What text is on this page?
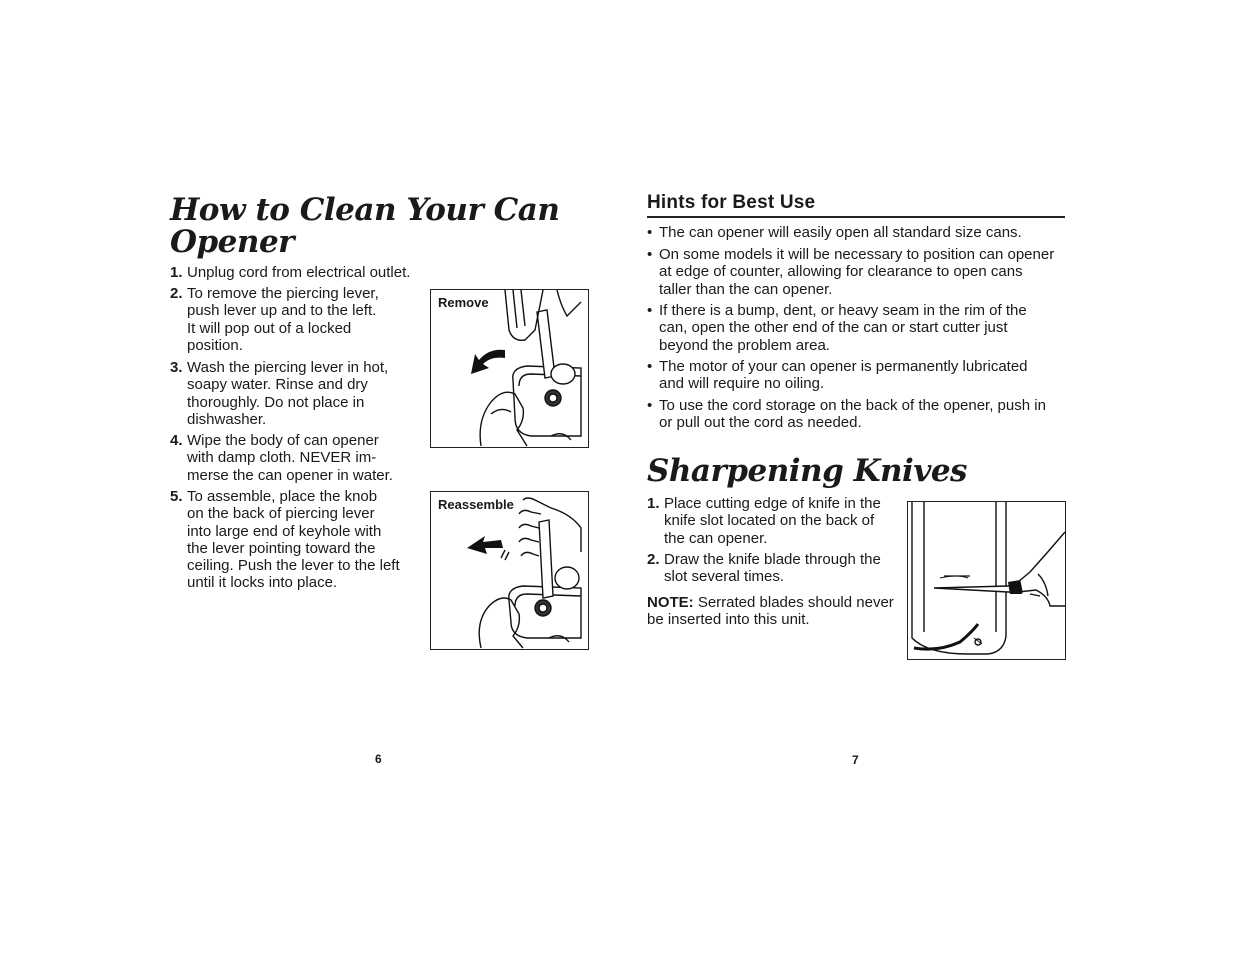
How to Clean Your Can
Opener
1. Unplug cord from electrical outlet.
2. To remove the piercing lever,
push lever up and to the left.
It will pop out of a locked
position.
3. Wash the piercing lever in hot,
soapy water. Rinse and dry
thoroughly. Do not place in
dishwasher.
4. Wipe the body of can opener
with damp cloth. NEVER im-
merse the can opener in water.
5. To assemble, place the knob
on the back of piercing lever
into large end of keyhole with
the lever pointing toward the
ceiling. Push the lever to the left
until it locks into place.
Remove
Reassemble
6
Hints for Best Use
• The can opener will easily open all standard size cans.
• On some models it will be necessary to position can opener
at edge of counter, allowing for clearance to open cans
taller than the can opener.
• If there is a bump, dent, or heavy seam in the rim of the
can, open the other end of the can or start cutter just
beyond the problem area.
• The motor of your can opener is permanently lubricated
and will require no oiling.
• To use the cord storage on the back of the opener, push in
or pull out the cord as needed.
Sharpening Knives
1. Place cutting edge of knife in the
knife slot located on the back of
the can opener.
2. Draw the knife blade through the
slot several times.
NOTE: Serrated blades should never
be inserted into this unit.
7
